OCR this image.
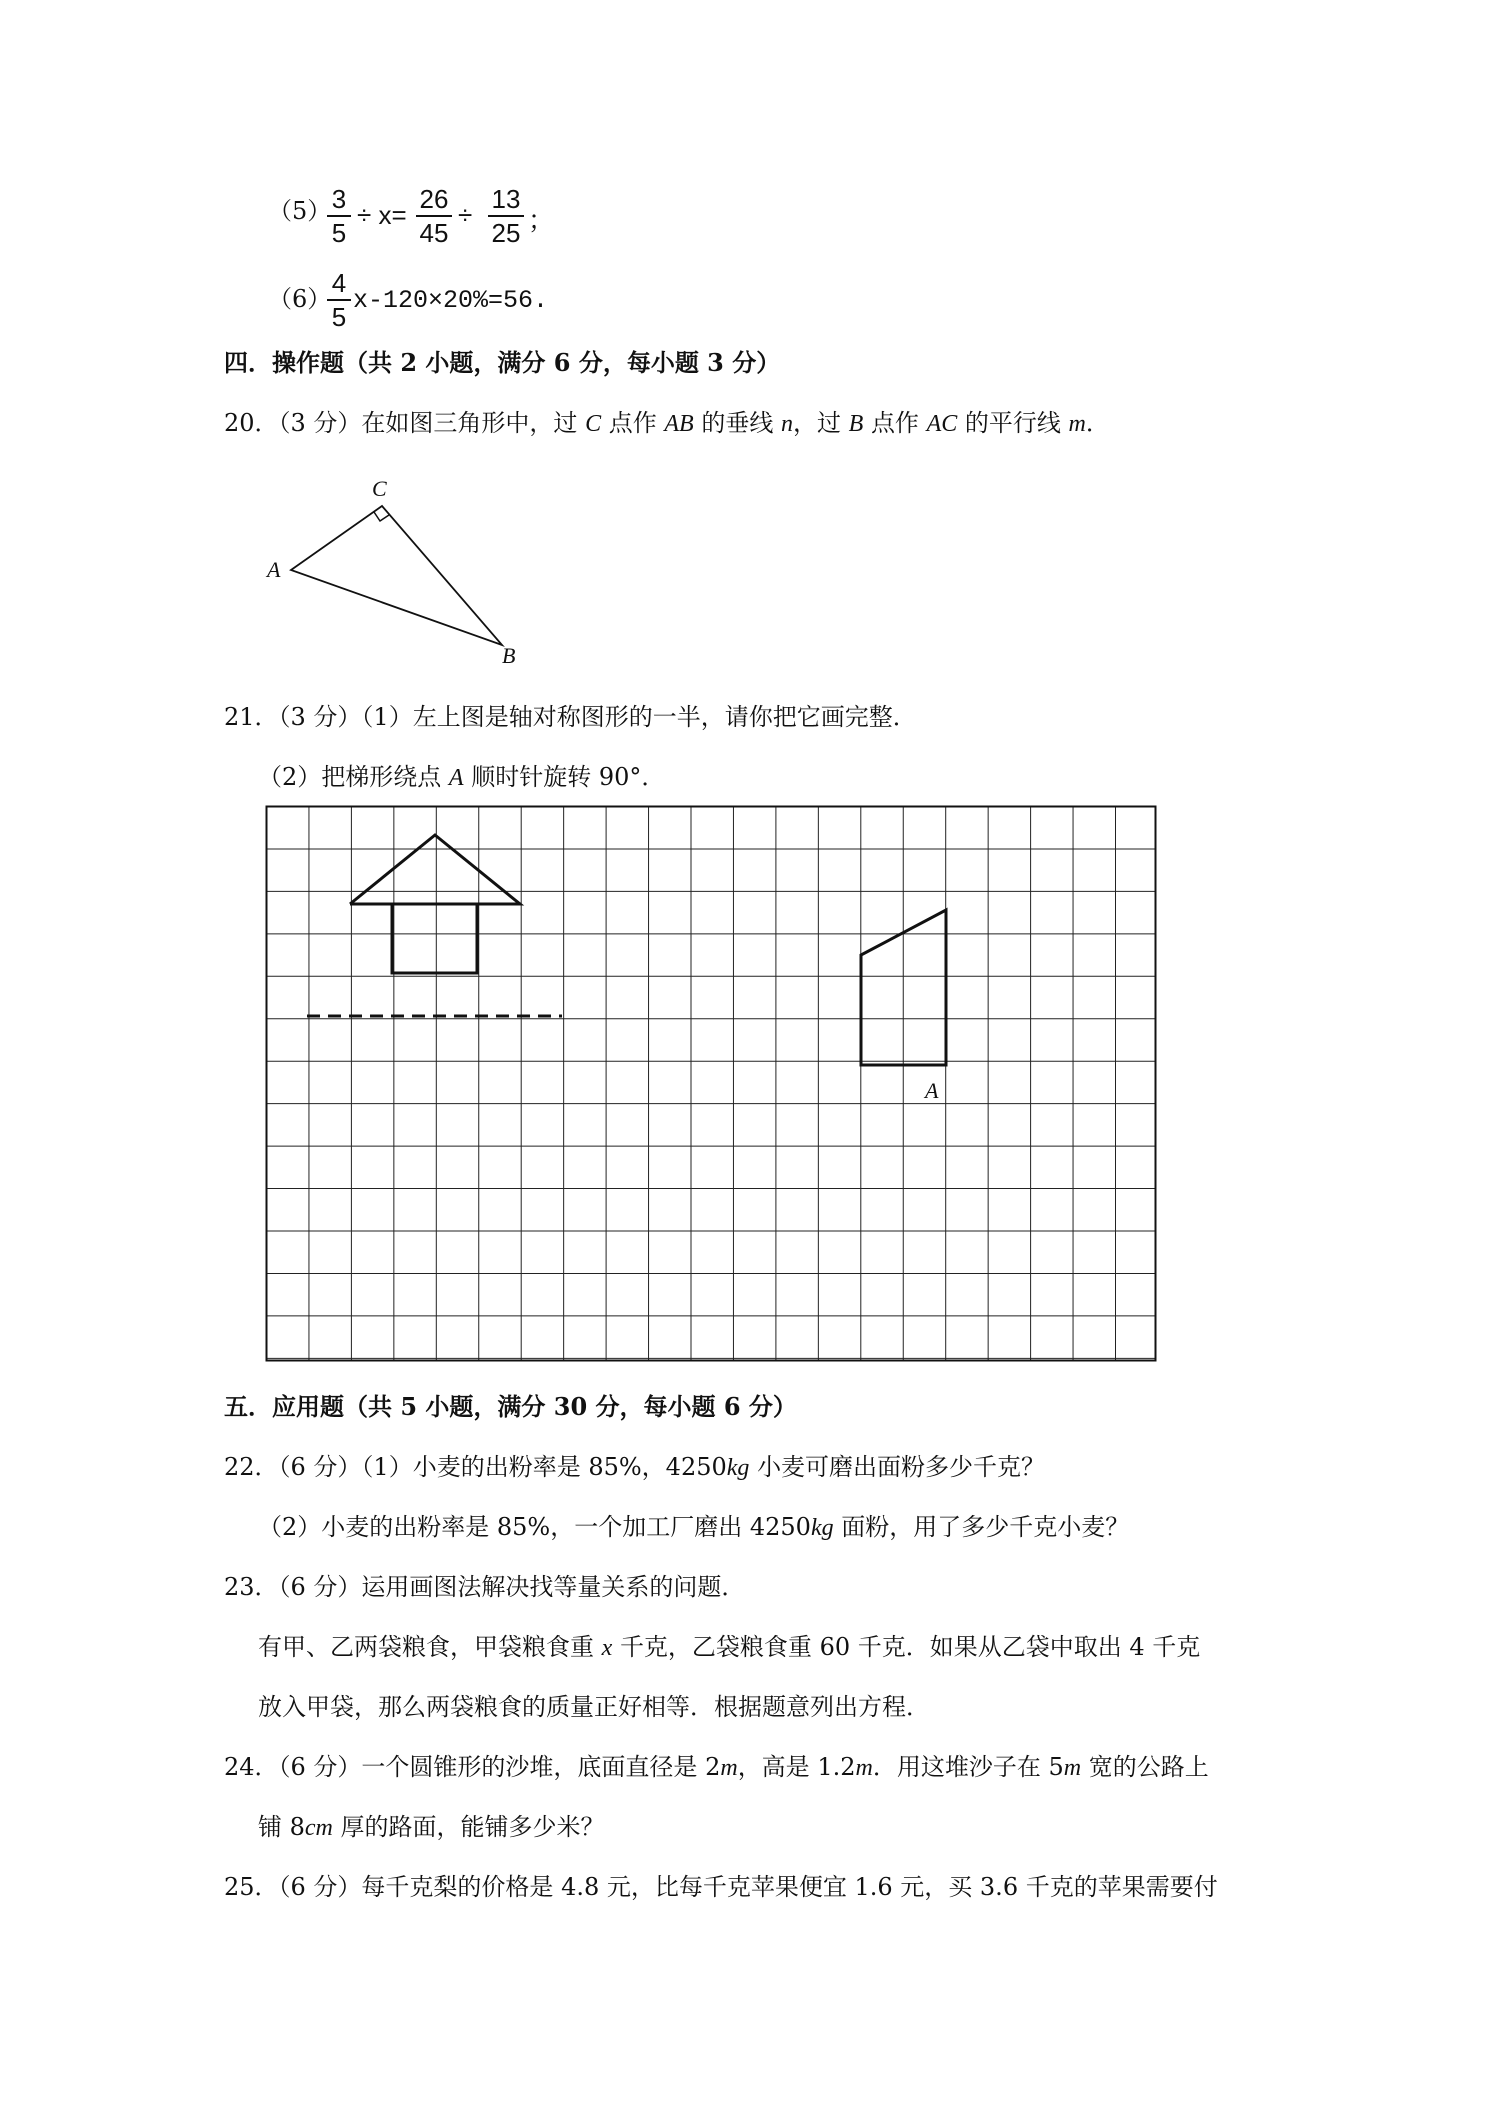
（5） 3
5
÷ x=
26
45
÷
13
25 ；
（6）
4
5
x-120×20%=56.
四．操作题（共 2 小题，满分 6 分，每小题 3 分）
20．（3 分）在如图三角形中，过 C 点作 AB 的垂线 n，过 B 点作 AC 的平行线 m．
C
A
B
21．（3 分）（1）左上图是轴对称图形的一半，请你把它画完整．
（2）把梯形绕点 A 顺时针旋转 90°．
A
五．应用题（共 5 小题，满分 30 分，每小题 6 分）
22．（6 分）（1）小麦的出粉率是 85%，4250kg 小麦可磨出面粉多少千克？
（2）小麦的出粉率是 85%，一个加工厂磨出 4250kg 面粉，用了多少千克小麦？
23．（6 分）运用画图法解决找等量关系的问题．
有甲、乙两袋粮食，甲袋粮食重 x 千克，乙袋粮食重 60 千克．如果从乙袋中取出 4 千克
放入甲袋，那么两袋粮食的质量正好相等．根据题意列出方程．
24．（6 分）一个圆锥形的沙堆，底面直径是 2m，高是 1.2m．用这堆沙子在 5m 宽的公路上
铺 8cm 厚的路面，能铺多少米？
25．（6 分）每千克梨的价格是 4.8 元，比每千克苹果便宜 1.6 元，买 3.6 千克的苹果需要付
